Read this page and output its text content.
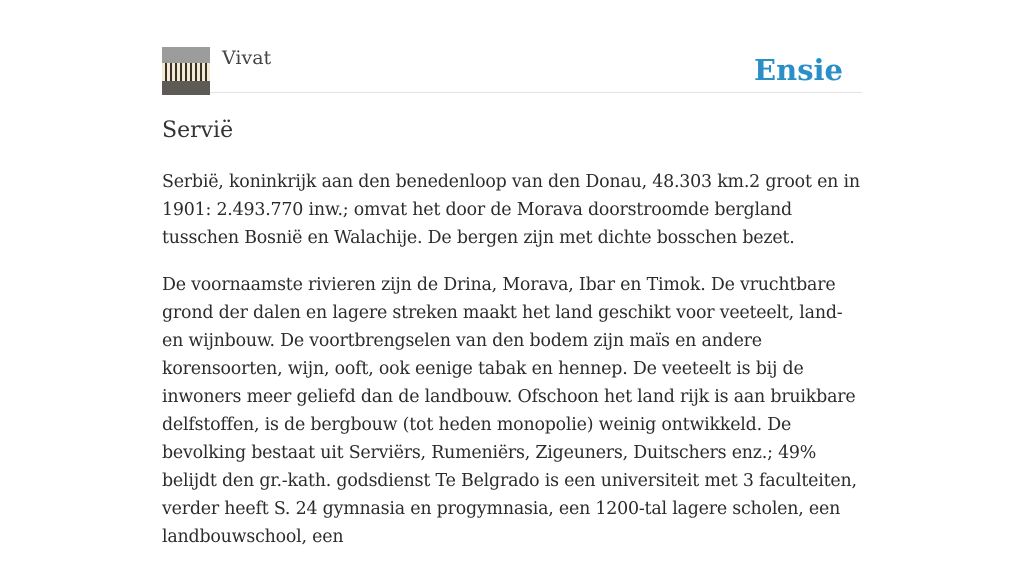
Vivat	Ensie
Servië

Serbië, koninkrijk aan den benedenloop van den Donau, 48.303 km.2 groot en in 1901: 2.493.770 inw.; omvat het door de Morava doorstroomde bergland tusschen Bosnië en Walachije. De bergen zijn met dichte bosschen bezet.

De voornaamste rivieren zijn de Drina, Morava, Ibar en Timok. De vruchtbare grond der dalen en lagere streken maakt het land geschikt voor veeteelt, land- en wijnbouw. De voortbrengselen van den bodem zijn maïs en andere korensoorten, wijn, ooft, ook eenige tabak en hennep. De veeteelt is bij de inwoners meer geliefd dan de landbouw. Ofschoon het land rijk is aan bruikbare delfstoffen, is de bergbouw (tot heden monopolie) weinig ontwikkeld. De bevolking bestaat uit Serviërs, Rumeniërs, Zigeuners, Duitschers enz.; 49% belijdt den gr.-kath. godsdienst Te Belgrado is een universiteit met 3 faculteiten, verder heeft S. 24 gymnasia en progymnasia, een 1200-tal lagere scholen, een landbouwschool, een
